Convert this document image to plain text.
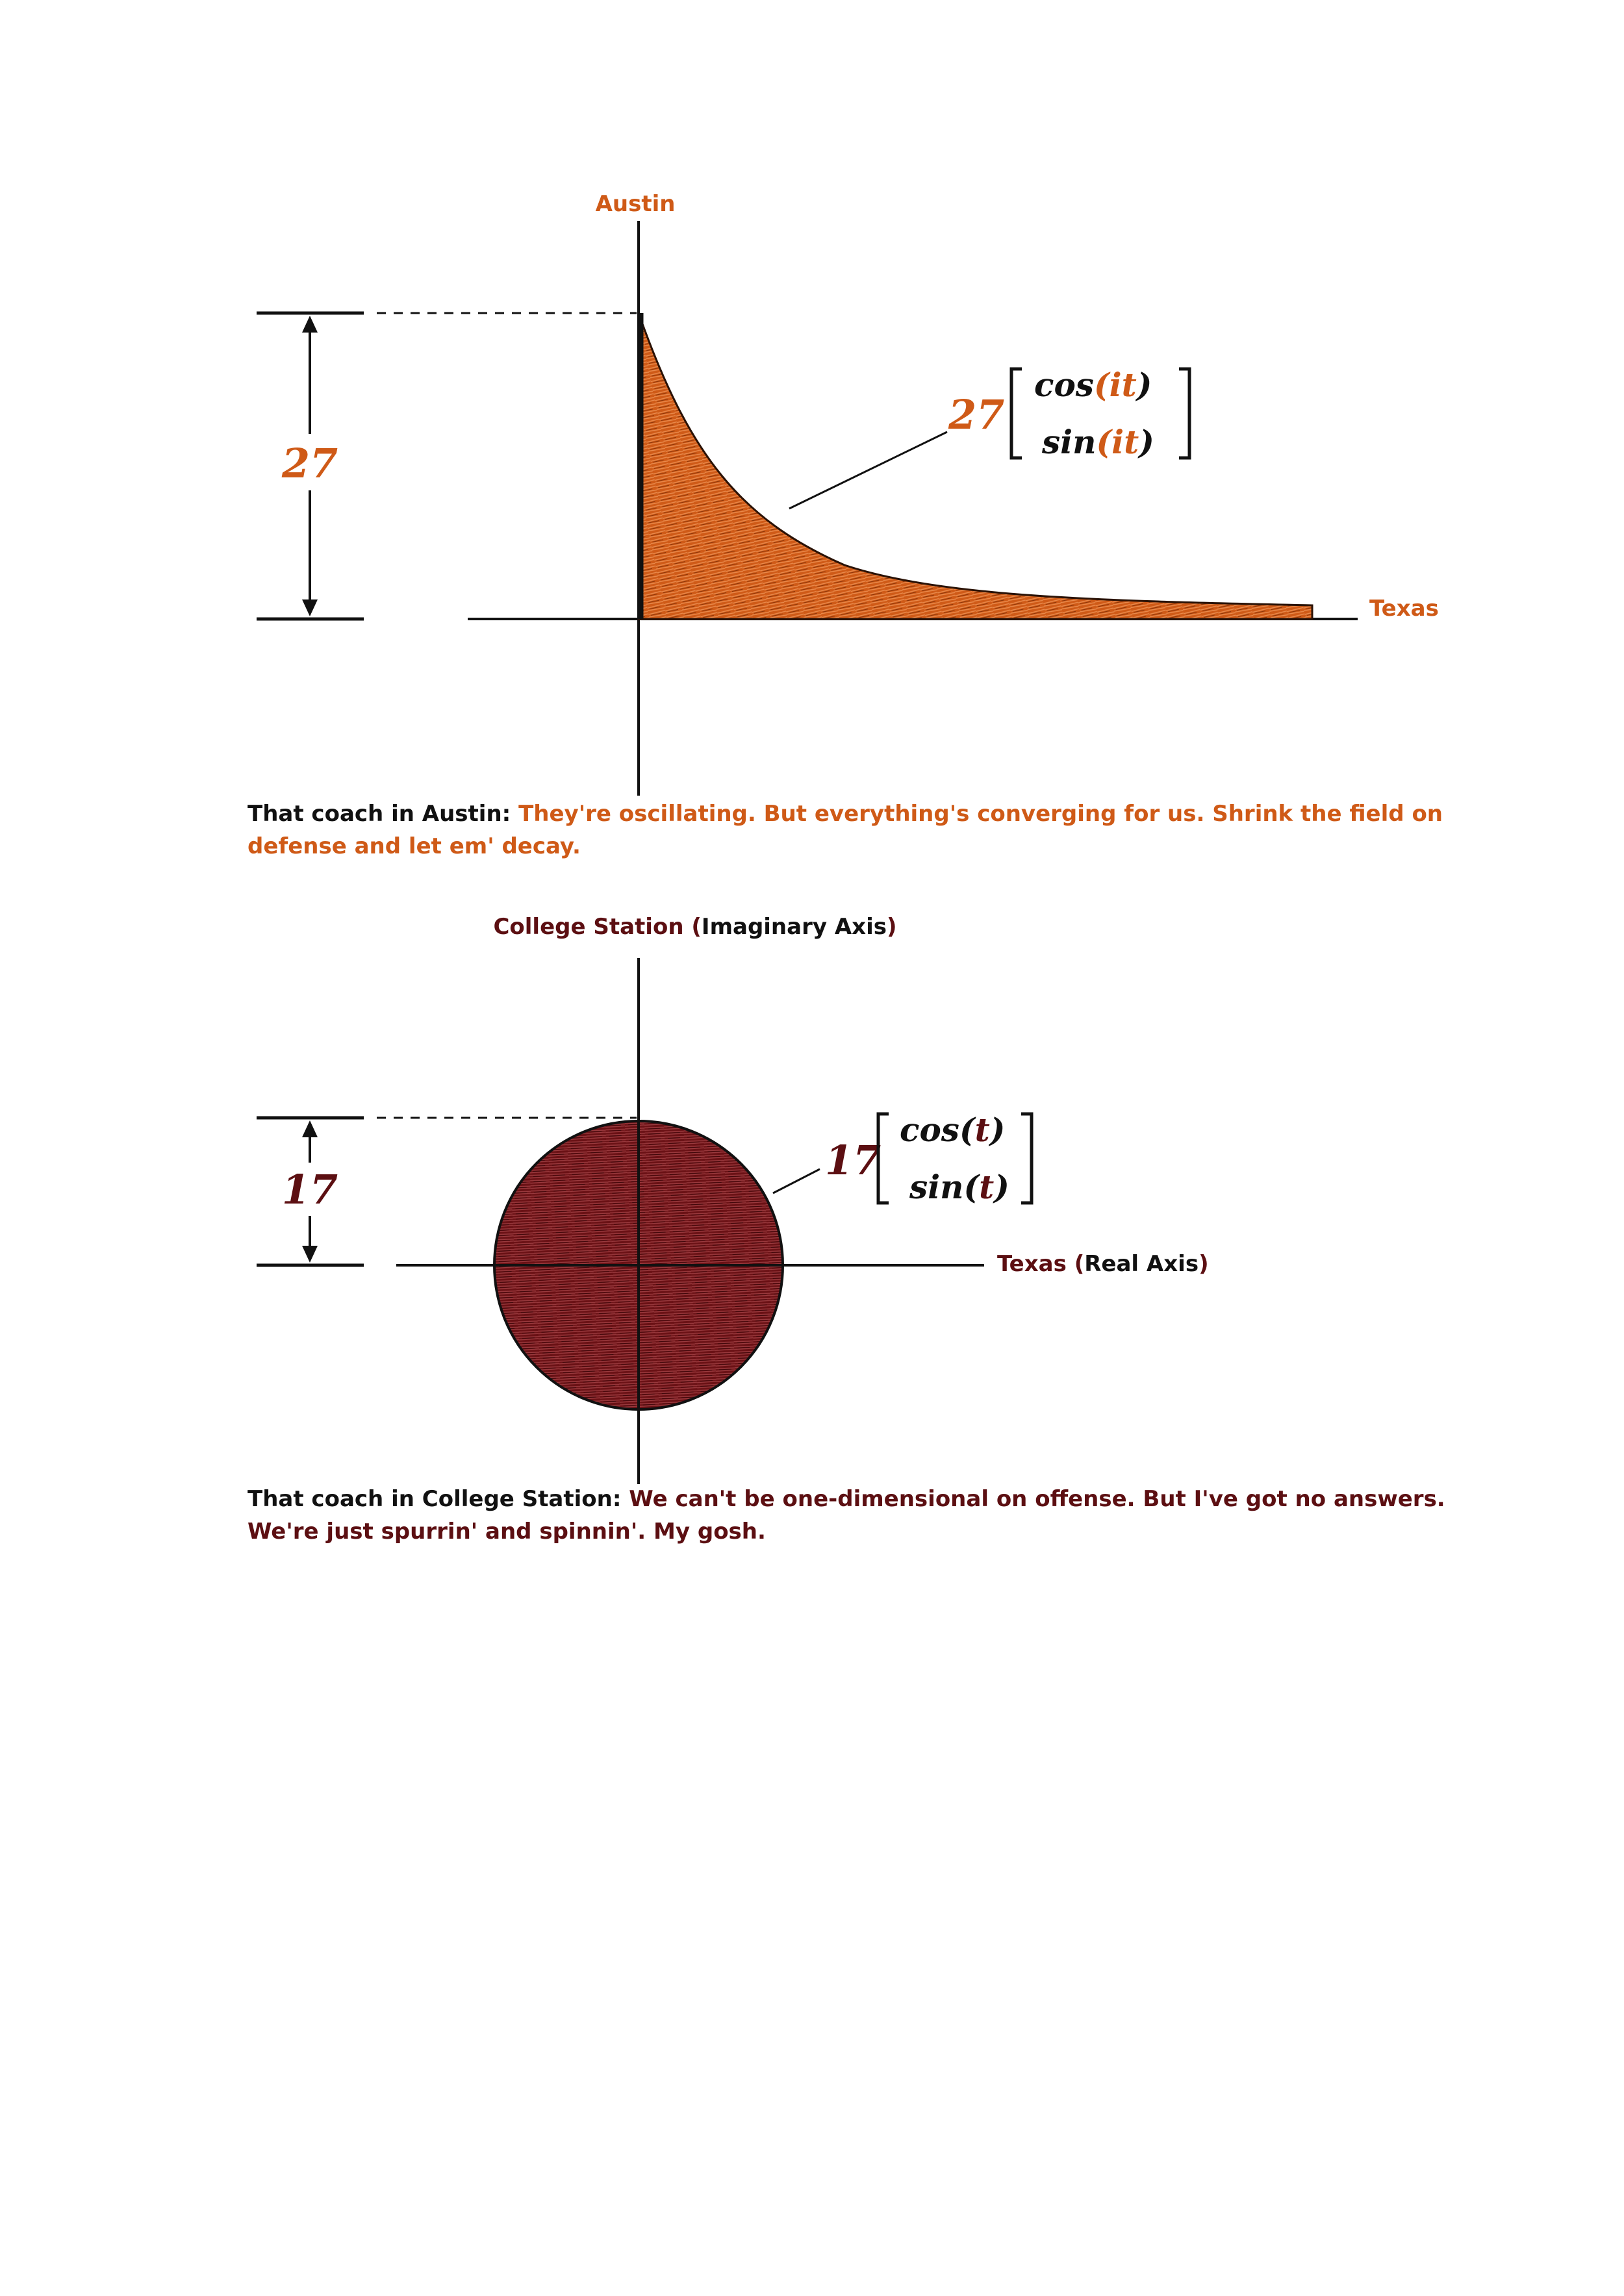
27
27
cos(it)
sin(it)
Austin
Texas
17
17
cos(t)
sin(t)
College Station (Imaginary Axis)
Texas (Real Axis)
That coach in Austin: They're oscillating. But everything's converging for us. Shrink the field on defense and let em' decay.
That coach in College Station: We can't be one-dimensional on offense. But I've got no answers. We're just spurrin' and spinnin'. My gosh.
